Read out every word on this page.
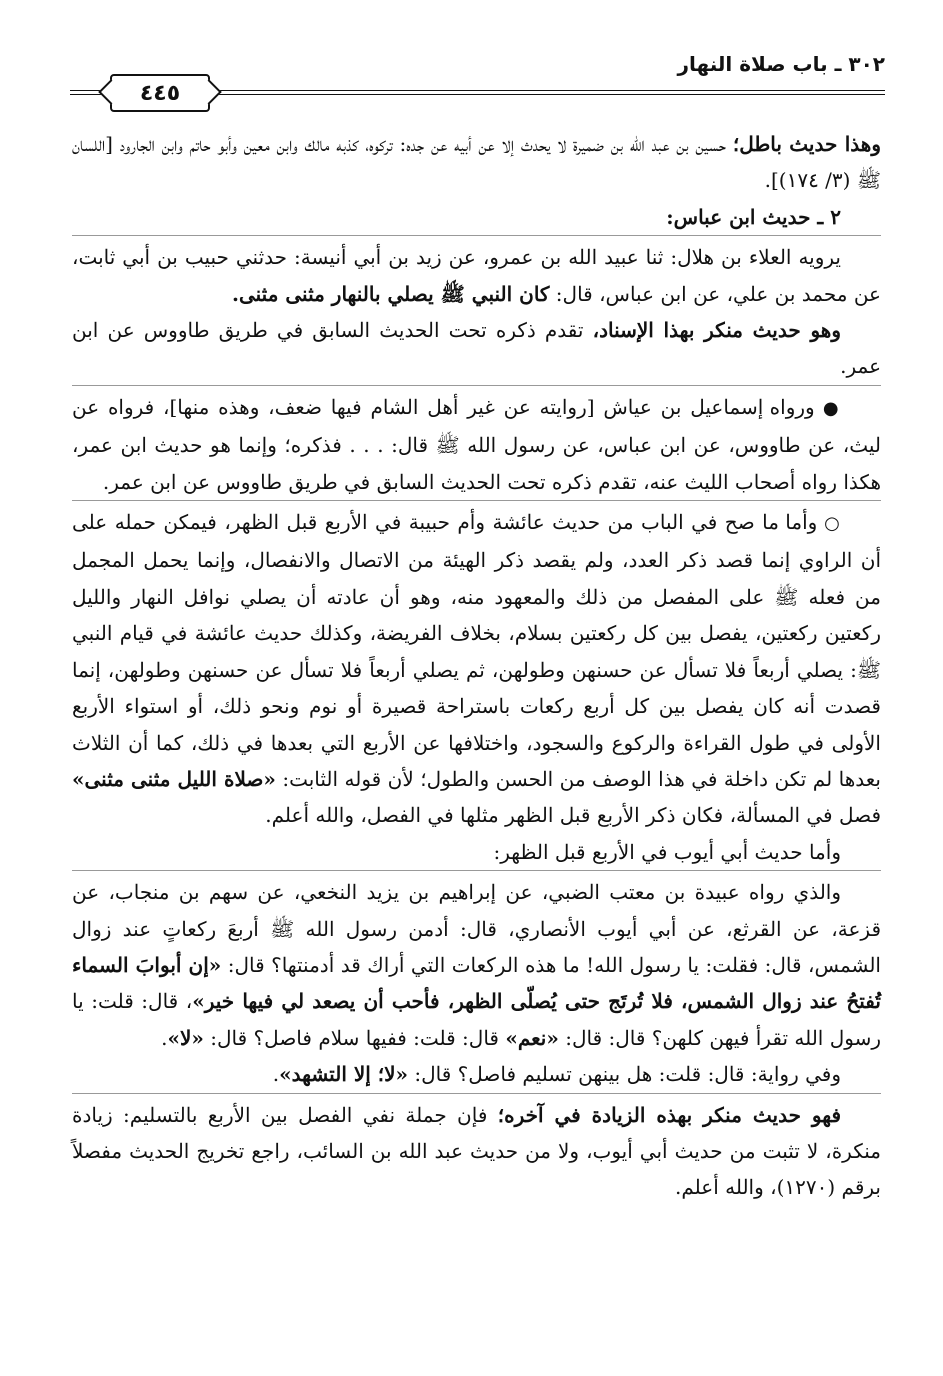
٣٠٢ ـ باب صلاة النهار
٤٤٥

وهذا حديث باطل؛ حسين بن عبد الله بن ضميرة لا يحدث إلا عن أبيه عن جده: تركوه، كذبه مالك وابن معين وأبو حاتم وابن الجارود [اللسان ﷺ (٣/ ١٧٤)].

٢ ـ حديث ابن عباس:

يرويه العلاء بن هلال: ثنا عبيد الله بن عمرو، عن زيد بن أبي أنيسة: حدثني حبيب بن أبي ثابت، عن محمد بن علي، عن ابن عباس، قال: كان النبي ﷺ يصلي بالنهار مثنى مثنى.

وهو حديث منكر بهذا الإسناد، تقدم ذكره تحت الحديث السابق في طريق طاووس عن ابن عمر.

● ورواه إسماعيل بن عياش [روايته عن غير أهل الشام فيها ضعف، وهذه منها]، فرواه عن ليث، عن طاووس، عن ابن عباس، عن رسول الله ﷺ قال: . . . فذكره؛ وإنما هو حديث ابن عمر، هكذا رواه أصحاب الليث عنه، تقدم ذكره تحت الحديث السابق في طريق طاووس عن ابن عمر.

○ وأما ما صح في الباب من حديث عائشة وأم حبيبة في الأربع قبل الظهر، فيمكن حمله على أن الراوي إنما قصد ذكر العدد، ولم يقصد ذكر الهيئة من الاتصال والانفصال، وإنما يحمل المجمل من فعله ﷺ على المفصل من ذلك والمعهود منه، وهو أن عادته أن يصلي نوافل النهار والليل ركعتين ركعتين، يفصل بين كل ركعتين بسلام، بخلاف الفريضة، وكذلك حديث عائشة في قيام النبي ﷺ: يصلي أربعاً فلا تسأل عن حسنهن وطولهن، ثم يصلي أربعاً فلا تسأل عن حسنهن وطولهن، إنما قصدت أنه كان يفصل بين كل أربع ركعات باستراحة قصيرة أو نوم ونحو ذلك، أو استواء الأربع الأولى في طول القراءة والركوع والسجود، واختلافها عن الأربع التي بعدها في ذلك، كما أن الثلاث بعدها لم تكن داخلة في هذا الوصف من الحسن والطول؛ لأن قوله الثابت: «صلاة الليل مثنى مثنى» فصل في المسألة، فكان ذكر الأربع قبل الظهر مثلها في الفصل، والله أعلم.

وأما حديث أبي أيوب في الأربع قبل الظهر:

والذي رواه عبيدة بن معتب الضبي، عن إبراهيم بن يزيد النخعي، عن سهم بن منجاب، عن قزعة، عن القرثع، عن أبي أيوب الأنصاري، قال: أدمن رسول الله ﷺ أربعَ ركعاتٍ عند زوال الشمس، قال: فقلت: يا رسول الله! ما هذه الركعات التي أراك قد أدمنتها؟ قال: «إن أبوابَ السماء تُفتحُ عند زوال الشمس، فلا تُرتَج حتى يُصلّى الظهر، فأحب أن يصعد لي فيها خير»، قال: قلت: يا رسول الله تقرأ فيهن كلهن؟ قال: قال: «نعم» قال: قلت: ففيها سلام فاصل؟ قال: «لا».

وفي رواية: قال: قلت: هل بينهن تسليم فاصل؟ قال: «لا؛ إلا التشهد».

فهو حديث منكر بهذه الزيادة في آخره؛ فإن جملة نفي الفصل بين الأربع بالتسليم: زيادة منكرة، لا تثبت من حديث أبي أيوب، ولا من حديث عبد الله بن السائب، راجع تخريج الحديث مفصلاً برقم (١٢٧٠)، والله أعلم.
